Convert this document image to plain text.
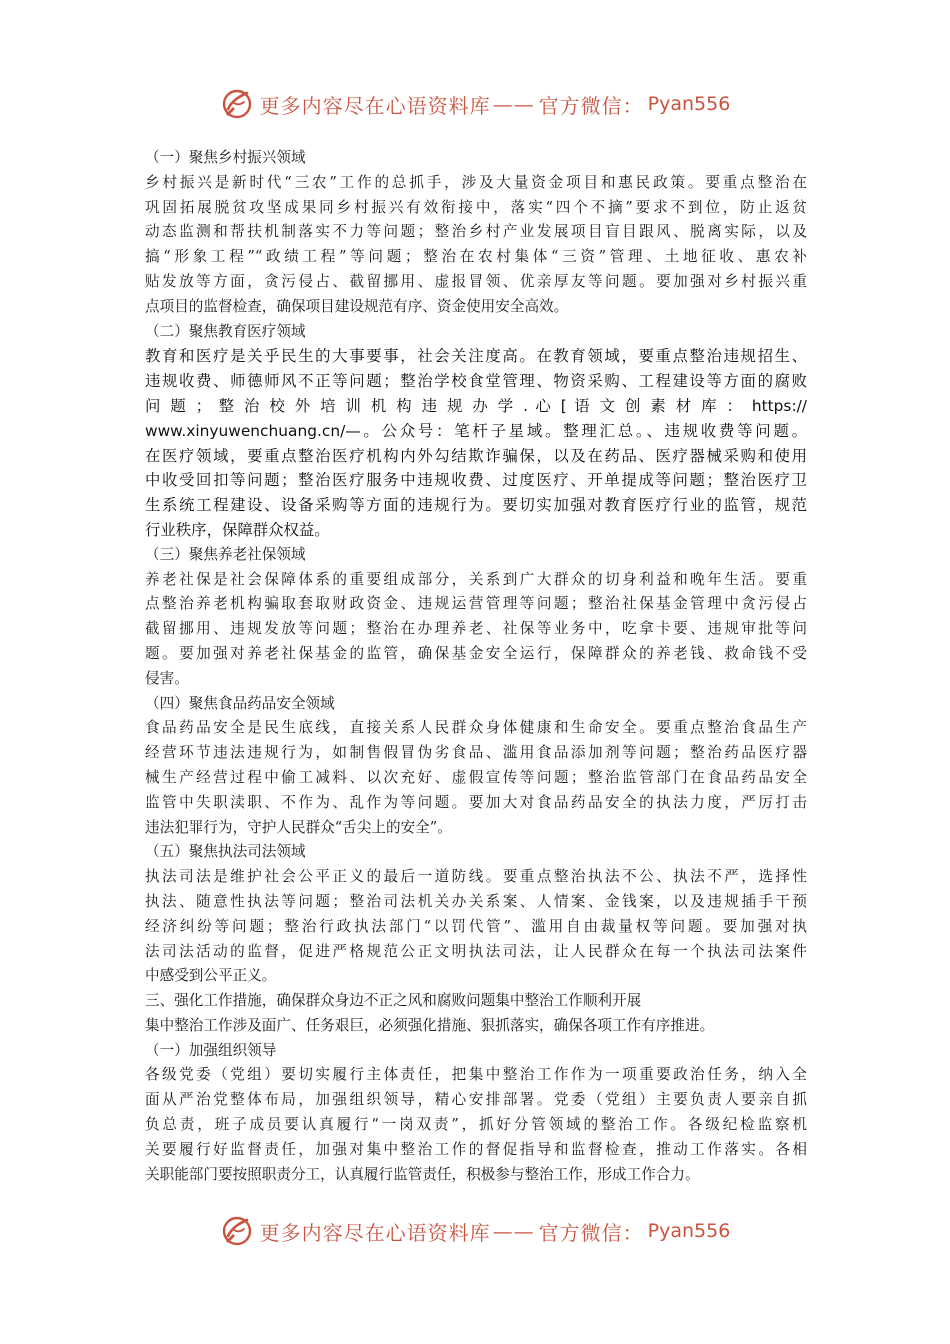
更多内容尽在心语资料库 —— 官方微信： Pyan556
（一）聚焦乡村振兴领域
乡村振兴是新时代“三农”工作的总抓手，涉及大量资金项目和惠民政策。要重点整治在
巩固拓展脱贫攻坚成果同乡村振兴有效衔接中，落实“四个不摘”要求不到位，防止返贫
动态监测和帮扶机制落实不力等问题；整治乡村产业发展项目盲目跟风、脱离实际，以及
搞“形象工程”“政绩工程”等问题；整治在农村集体“三资”管理、土地征收、惠农补
贴发放等方面，贪污侵占、截留挪用、虚报冒领、优亲厚友等问题。要加强对乡村振兴重
点项目的监督检查，确保项目建设规范有序、资金使用安全高效。
（二）聚焦教育医疗领域
教育和医疗是关乎民生的大事要事，社会关注度高。在教育领域，要重点整治违规招生、
违规收费、师德师风不正等问题；整治学校食堂管理、物资采购、工程建设等方面的腐败
问 题 ； 整 治 校 外 培 训 机 构 违 规 办 学 . 心 [ 语 文 创 素 材 库 ： https://
www.xinyuwenchuang.cn/—。公众号：笔杆子星域。整理汇总。、违规收费等问题。
在医疗领域，要重点整治医疗机构内外勾结欺诈骗保，以及在药品、医疗器械采购和使用
中收受回扣等问题；整治医疗服务中违规收费、过度医疗、开单提成等问题；整治医疗卫
生系统工程建设、设备采购等方面的违规行为。要切实加强对教育医疗行业的监管，规范
行业秩序，保障群众权益。
（三）聚焦养老社保领域
养老社保是社会保障体系的重要组成部分，关系到广大群众的切身利益和晚年生活。要重
点整治养老机构骗取套取财政资金、违规运营管理等问题；整治社保基金管理中贪污侵占
截留挪用、违规发放等问题；整治在办理养老、社保等业务中，吃拿卡要、违规审批等问
题。要加强对养老社保基金的监管，确保基金安全运行，保障群众的养老钱、救命钱不受
侵害。
（四）聚焦食品药品安全领域
食品药品安全是民生底线，直接关系人民群众身体健康和生命安全。要重点整治食品生产
经营环节违法违规行为，如制售假冒伪劣食品、滥用食品添加剂等问题；整治药品医疗器
械生产经营过程中偷工减料、以次充好、虚假宣传等问题；整治监管部门在食品药品安全
监管中失职渎职、不作为、乱作为等问题。要加大对食品药品安全的执法力度，严厉打击
违法犯罪行为，守护人民群众“舌尖上的安全”。
（五）聚焦执法司法领域
执法司法是维护社会公平正义的最后一道防线。要重点整治执法不公、执法不严，选择性
执法、随意性执法等问题；整治司法机关办关系案、人情案、金钱案，以及违规插手干预
经济纠纷等问题；整治行政执法部门“以罚代管”、滥用自由裁量权等问题。要加强对执
法司法活动的监督，促进严格规范公正文明执法司法，让人民群众在每一个执法司法案件
中感受到公平正义。
三、强化工作措施，确保群众身边不正之风和腐败问题集中整治工作顺利开展
集中整治工作涉及面广、任务艰巨，必须强化措施、狠抓落实，确保各项工作有序推进。
（一）加强组织领导
各级党委（党组）要切实履行主体责任，把集中整治工作作为一项重要政治任务，纳入全
面从严治党整体布局，加强组织领导，精心安排部署。党委（党组）主要负责人要亲自抓
负总责，班子成员要认真履行“一岗双责”，抓好分管领域的整治工作。各级纪检监察机
关要履行好监督责任，加强对集中整治工作的督促指导和监督检查，推动工作落实。各相
关职能部门要按照职责分工，认真履行监管责任，积极参与整治工作，形成工作合力。
更多内容尽在心语资料库 —— 官方微信： Pyan556
